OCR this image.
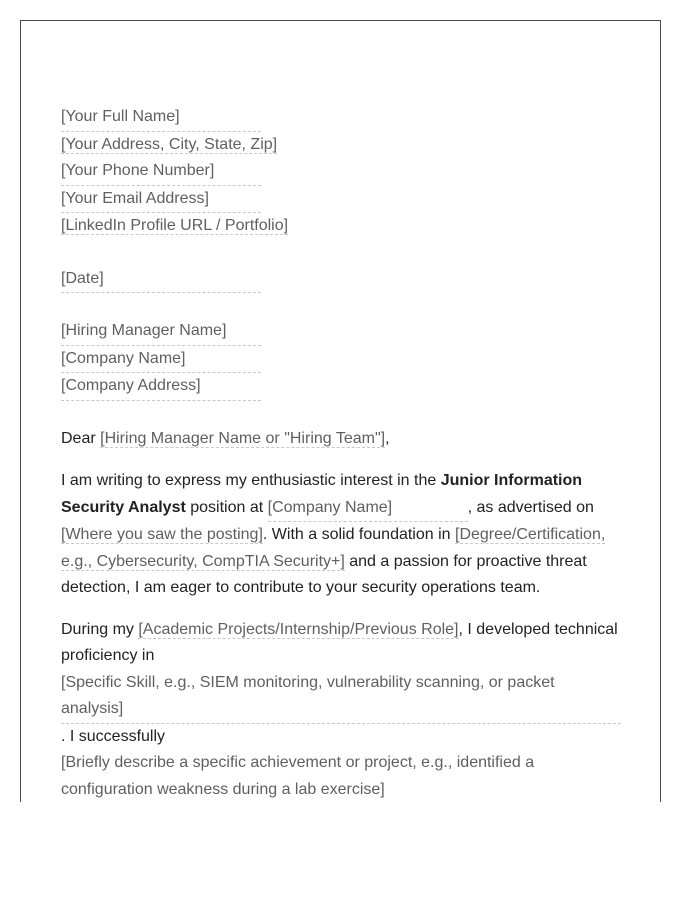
[Your Full Name]
[Your Address, City, State, Zip]
[Your Phone Number]
[Your Email Address]
[LinkedIn Profile URL / Portfolio]
[Date]
[Hiring Manager Name]
[Company Name]
[Company Address]

Dear [Hiring Manager Name or "Hiring Team"],

I am writing to express my enthusiastic interest in the Junior Information Security Analyst position at [Company Name]	, as advertised on [Where you saw the posting]. With a solid foundation in [Degree/Certification, e.g., Cybersecurity, CompTIA Security+] and a passion for proactive threat detection, I am eager to contribute to your security operations team.

During my [Academic Projects/Internship/Previous Role], I developed technical proficiency in
[Specific Skill, e.g., SIEM monitoring, vulnerability scanning, or packet analysis]
. I successfully
[Briefly describe a specific achievement or project, e.g., identified a configuration weakness during a lab exercise]
